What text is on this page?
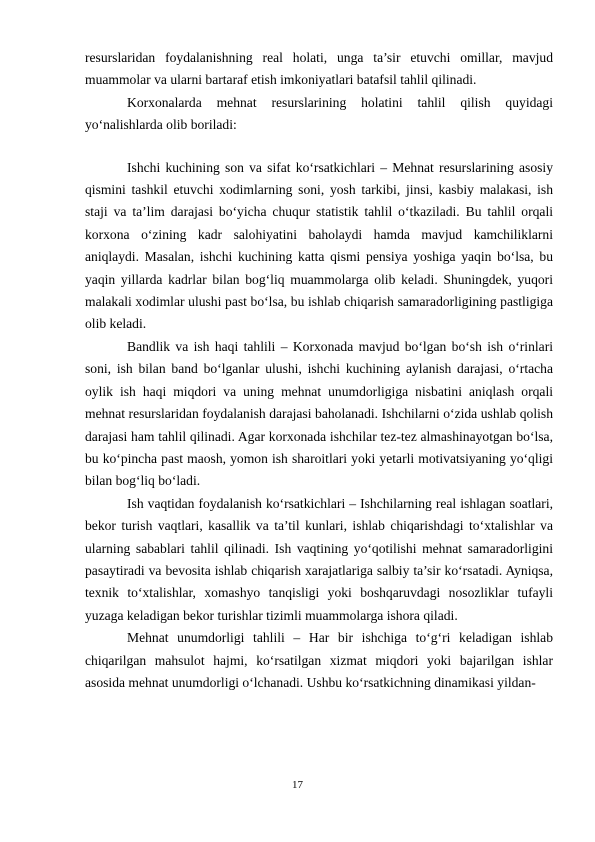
resurslaridan foydalanishning real holati, unga ta’sir etuvchi omillar, mavjud muammolar va ularni bartaraf etish imkoniyatlari batafsil tahlil qilinadi.

Korxonalarda mehnat resurslarining holatini tahlil qilish quyidagi yo‘nalishlarda olib boriladi:

Ishchi kuchining son va sifat ko‘rsatkichlari – Mehnat resurslarining asosiy qismini tashkil etuvchi xodimlarning soni, yosh tarkibi, jinsi, kasbiy malakasi, ish staji va ta’lim darajasi bo‘yicha chuqur statistik tahlil o‘tkaziladi. Bu tahlil orqali korxona o‘zining kadr salohiyatini baholaydi hamda mavjud kamchiliklarni aniqlaydi. Masalan, ishchi kuchining katta qismi pensiya yoshiga yaqin bo‘lsa, bu yaqin yillarda kadrlar bilan bog‘liq muammolarga olib keladi. Shuningdek, yuqori malakali xodimlar ulushi past bo‘lsa, bu ishlab chiqarish samaradorligining pastligiga olib keladi.

Bandlik va ish haqi tahlili – Korxonada mavjud bo‘lgan bo‘sh ish o‘rinlari soni, ish bilan band bo‘lganlar ulushi, ishchi kuchining aylanish darajasi, o‘rtacha oylik ish haqi miqdori va uning mehnat unumdorligiga nisbatini aniqlash orqali mehnat resurslaridan foydalanish darajasi baholanadi. Ishchilarni o‘zida ushlab qolish darajasi ham tahlil qilinadi. Agar korxonada ishchilar tez-tez almashinayotgan bo‘lsa, bu ko‘pincha past maosh, yomon ish sharoitlari yoki yetarli motivatsiyaning yo‘qligi bilan bog‘liq bo‘ladi.

Ish vaqtidan foydalanish ko‘rsatkichlari – Ishchilarning real ishlagan soatlari, bekor turish vaqtlari, kasallik va ta’til kunlari, ishlab chiqarishdagi to‘xtalishlar va ularning sabablari tahlil qilinadi. Ish vaqtining yo‘qotilishi mehnat samaradorligini pasaytiradi va bevosita ishlab chiqarish xarajatlariga salbiy ta’sir ko‘rsatadi. Ayniqsa, texnik to‘xtalishlar, xomashyo tanqisligi yoki boshqaruvdagi nosozliklar tufayli yuzaga keladigan bekor turishlar tizimli muammolarga ishora qiladi.

Mehnat unumdorligi tahlili – Har bir ishchiga to‘g‘ri keladigan ishlab chiqarilgan mahsulot hajmi, ko‘rsatilgan xizmat miqdori yoki bajarilgan ishlar asosida mehnat unumdorligi o‘lchanadi. Ushbu ko‘rsatkichning dinamikasi yildan-

17
